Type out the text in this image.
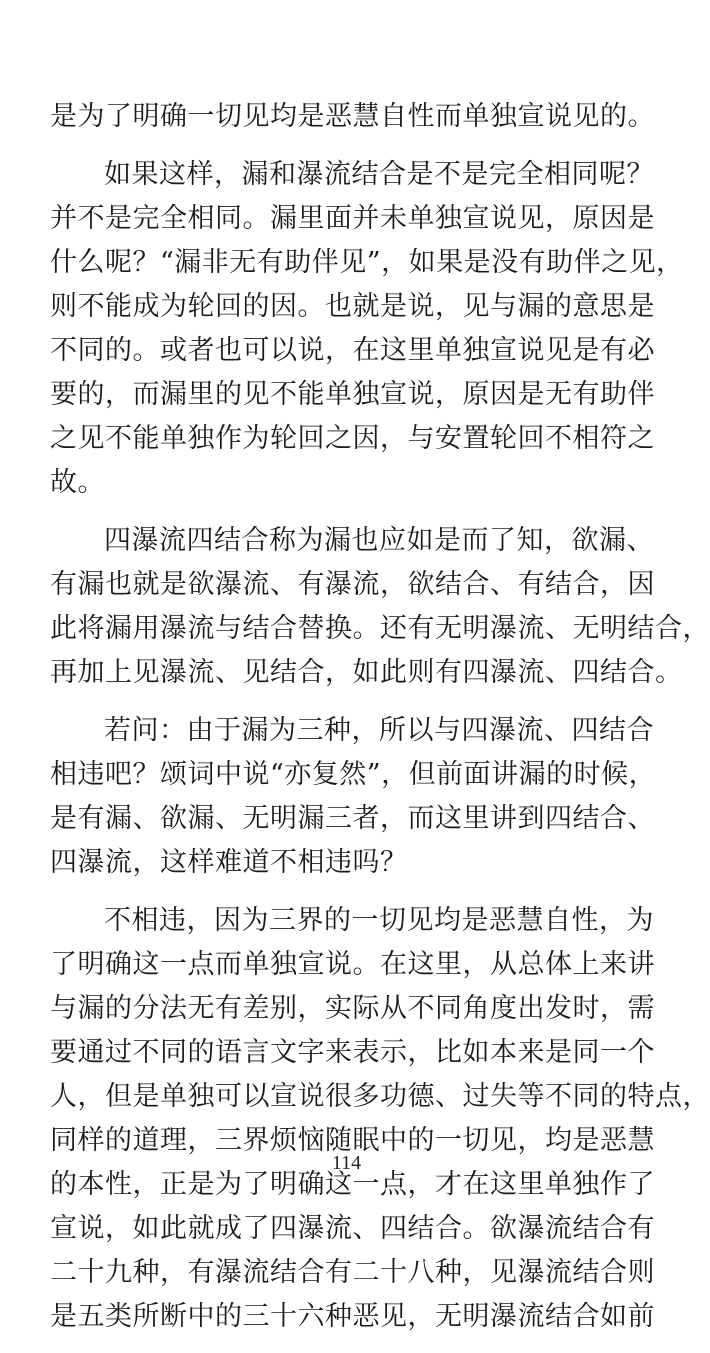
是为了明确一切见均是恶慧自性而单独宣说见的。
如果这样，漏和瀑流结合是不是完全相同呢？
并不是完全相同。漏里面并未单独宣说见，原因是
什么呢？“漏非无有助伴见”，如果是没有助伴之见，
则不能成为轮回的因。也就是说，见与漏的意思是
不同的。或者也可以说，在这里单独宣说见是有必
要的，而漏里的见不能单独宣说，原因是无有助伴
之见不能单独作为轮回之因，与安置轮回不相符之
故。
四瀑流四结合称为漏也应如是而了知，欲漏、
有漏也就是欲瀑流、有瀑流，欲结合、有结合，因
此将漏用瀑流与结合替换。还有无明瀑流、无明结合，
再加上见瀑流、见结合，如此则有四瀑流、四结合。
若问：由于漏为三种，所以与四瀑流、四结合
相违吧？颂词中说“亦复然”，但前面讲漏的时候，
是有漏、欲漏、无明漏三者，而这里讲到四结合、
四瀑流，这样难道不相违吗？
不相违，因为三界的一切见均是恶慧自性，为
了明确这一点而单独宣说。在这里，从总体上来讲
与漏的分法无有差别，实际从不同角度出发时，需
要通过不同的语言文字来表示，比如本来是同一个
人，但是单独可以宣说很多功德、过失等不同的特点，
同样的道理，三界烦恼随眠中的一切见，均是恶慧
的本性，正是为了明确这一点，才在这里单独作了
宣说，如此就成了四瀑流、四结合。欲瀑流结合有
二十九种，有瀑流结合有二十八种，见瀑流结合则
是五类所断中的三十六种恶见，无明瀑流结合如前
114
